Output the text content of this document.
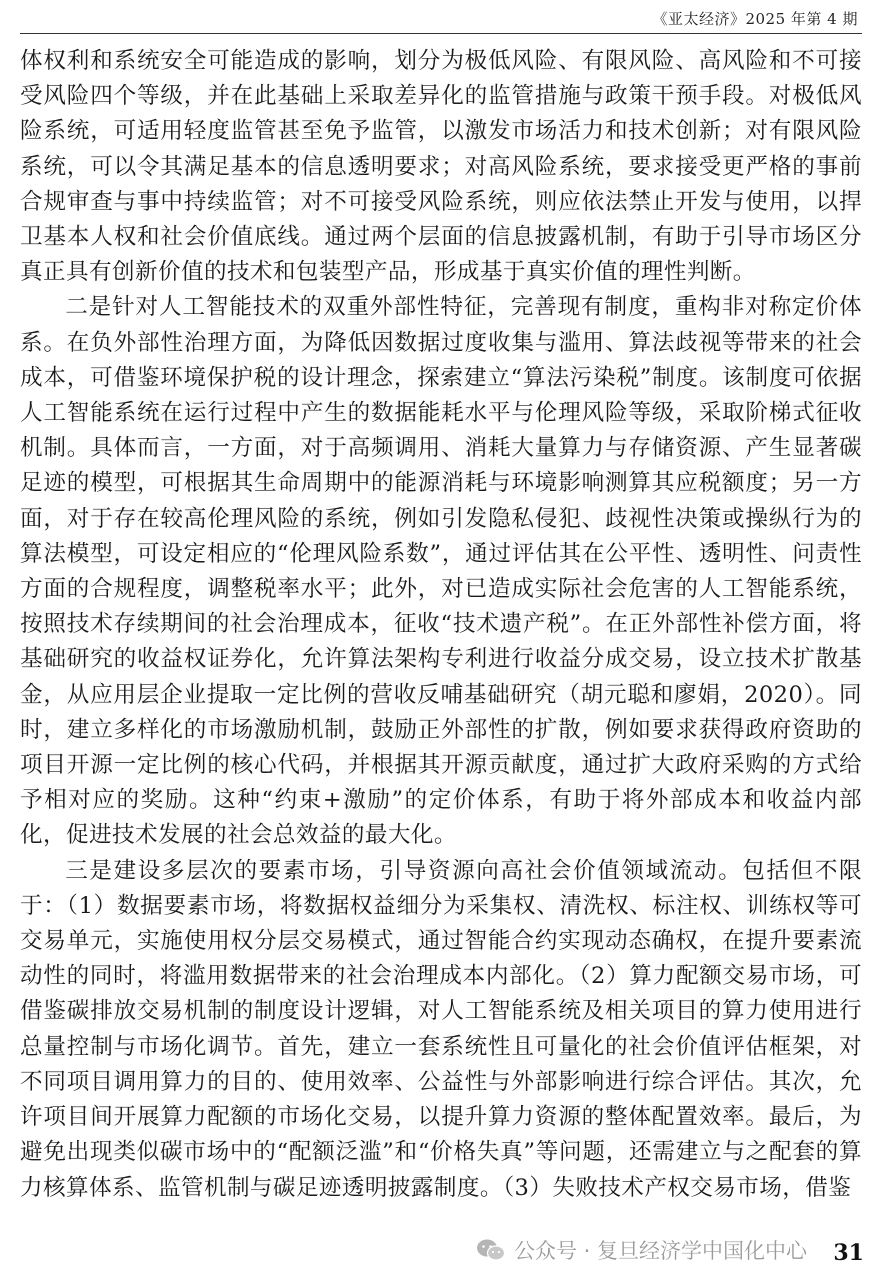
《亚太经济》2025 年第 4 期

体权利和系统安全可能造成的影响，划分为极低风险、有限风险、高风险和不可接受风险四个等级，并在此基础上采取差异化的监管措施与政策干预手段。对极低风险系统，可适用轻度监管甚至免予监管，以激发市场活力和技术创新；对有限风险系统，可以令其满足基本的信息透明要求；对高风险系统，要求接受更严格的事前合规审查与事中持续监管；对不可接受风险系统，则应依法禁止开发与使用，以捍卫基本人权和社会价值底线。通过两个层面的信息披露机制，有助于引导市场区分真正具有创新价值的技术和包装型产品，形成基于真实价值的理性判断。

二是针对人工智能技术的双重外部性特征，完善现有制度，重构非对称定价体系。在负外部性治理方面，为降低因数据过度收集与滥用、算法歧视等带来的社会成本，可借鉴环境保护税的设计理念，探索建立“算法污染税”制度。该制度可依据人工智能系统在运行过程中产生的数据能耗水平与伦理风险等级，采取阶梯式征收机制。具体而言，一方面，对于高频调用、消耗大量算力与存储资源、产生显著碳足迹的模型，可根据其生命周期中的能源消耗与环境影响测算其应税额度；另一方面，对于存在较高伦理风险的系统，例如引发隐私侵犯、歧视性决策或操纵行为的算法模型，可设定相应的“伦理风险系数”，通过评估其在公平性、透明性、问责性方面的合规程度，调整税率水平；此外，对已造成实际社会危害的人工智能系统，按照技术存续期间的社会治理成本，征收“技术遗产税”。在正外部性补偿方面，将基础研究的收益权证券化，允许算法架构专利进行收益分成交易，设立技术扩散基金，从应用层企业提取一定比例的营收反哺基础研究（胡元聪和廖娟，2020）。同时，建立多样化的市场激励机制，鼓励正外部性的扩散，例如要求获得政府资助的项目开源一定比例的核心代码，并根据其开源贡献度，通过扩大政府采购的方式给予相对应的奖励。这种“约束+激励”的定价体系，有助于将外部成本和收益内部化，促进技术发展的社会总效益的最大化。

三是建设多层次的要素市场，引导资源向高社会价值领域流动。包括但不限于：（1）数据要素市场，将数据权益细分为采集权、清洗权、标注权、训练权等可交易单元，实施使用权分层交易模式，通过智能合约实现动态确权，在提升要素流动性的同时，将滥用数据带来的社会治理成本内部化。（2）算力配额交易市场，可借鉴碳排放交易机制的制度设计逻辑，对人工智能系统及相关项目的算力使用进行总量控制与市场化调节。首先，建立一套系统性且可量化的社会价值评估框架，对不同项目调用算力的目的、使用效率、公益性与外部影响进行综合评估。其次，允许项目间开展算力配额的市场化交易，以提升算力资源的整体配置效率。最后，为避免出现类似碳市场中的“配额泛滥”和“价格失真”等问题，还需建立与之配套的算力核算体系、监管机制与碳足迹透明披露制度。（3）失败技术产权交易市场，借鉴

公众号 · 复旦经济学中国化中心 31
